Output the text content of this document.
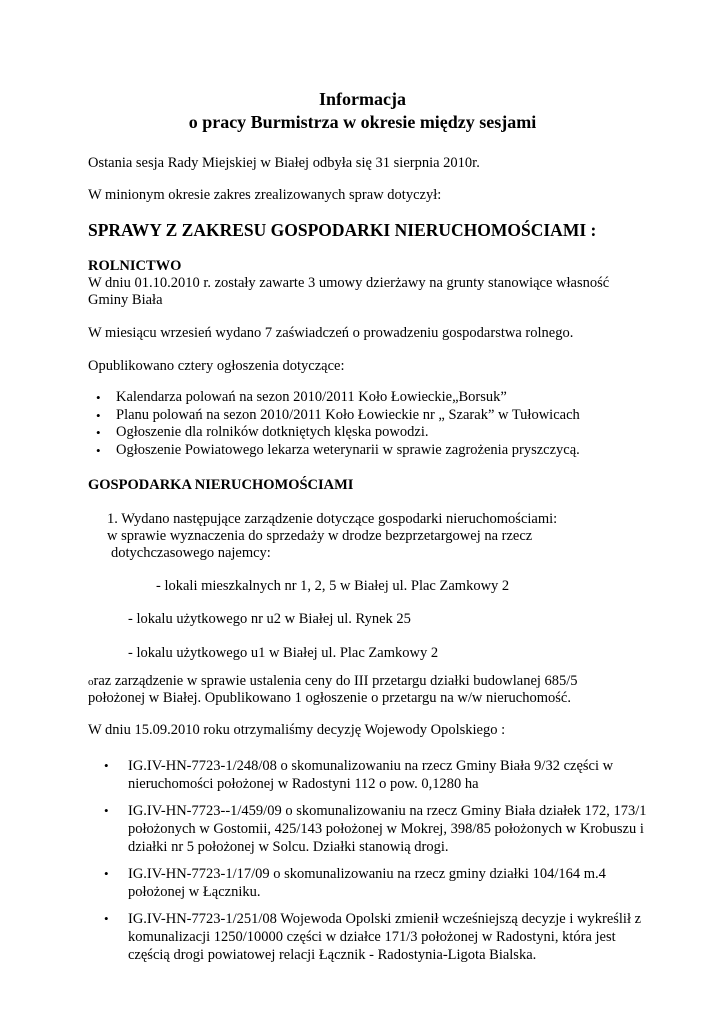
Informacja
o pracy Burmistrza w okresie między sesjami

Ostania sesja Rady Miejskiej w Białej odbyła się 31 sierpnia 2010r.

W minionym okresie zakres zrealizowanych spraw dotyczył:

SPRAWY Z ZAKRESU GOSPODARKI NIERUCHOMOŚCIAMI :
ROLNICTWO

W dniu 01.10.2010 r. zostały zawarte 3 umowy dzierżawy na grunty stanowiące własność

Gminy Biała

W miesiącu wrzesień wydano 7 zaświadczeń o prowadzeniu gospodarstwa rolnego.

Opublikowano cztery ogłoszenia dotyczące:

• Kalendarza polowań na sezon 2010/2011 Koło Łowieckie„Borsuk”
• Planu polowań na sezon 2010/2011 Koło Łowieckie nr „ Szarak” w Tułowicach
• Ogłoszenie dla rolników dotkniętych klęska powodzi.
• Ogłoszenie Powiatowego lekarza weterynarii w sprawie zagrożenia pryszczycą.
GOSPODARKA NIERUCHOMOŚCIAMI

1. Wydano następujące zarządzenie dotyczące gospodarki nieruchomościami:

w sprawie wyznaczenia do sprzedaży w drodze bezprzetargowej na rzecz

dotychczasowego najemcy:

- lokali mieszkalnych nr 1, 2, 5 w Białej ul. Plac Zamkowy 2

- lokalu użytkowego nr u2 w Białej ul. Rynek 25

- lokalu użytkowego u1 w Białej ul. Plac Zamkowy 2

oraz zarządzenie w sprawie ustalenia ceny do III przetargu działki budowlanej 685/5

położonej w Białej. Opublikowano 1 ogłoszenie o przetargu na w/w nieruchomość.

W dniu 15.09.2010 roku otrzymaliśmy decyzję Wojewody Opolskiego :

• IG.IV-HN-7723-1/248/08 o skomunalizowaniu na rzecz Gminy Biała 9/32 części w
nieruchomości położonej w Radostyni 112 o pow. 0,1280 ha
• IG.IV-HN-7723--1/459/09 o skomunalizowaniu na rzecz Gminy Biała działek 172, 173/1
położonych w Gostomii, 425/143 położonej w Mokrej, 398/85 położonych w Krobuszu i
działki nr 5 położonej w Solcu. Działki stanowią drogi.
• IG.IV-HN-7723-1/17/09 o skomunalizowaniu na rzecz gminy działki 104/164 m.4
położonej w Łączniku.
• IG.IV-HN-7723-1/251/08 Wojewoda Opolski zmienił wcześniejszą decyzje i wykreślił z
komunalizacji 1250/10000 części w działce 171/3 położonej w Radostyni, która jest
częścią drogi powiatowej relacji Łącznik - Radostynia-Ligota Bialska.
